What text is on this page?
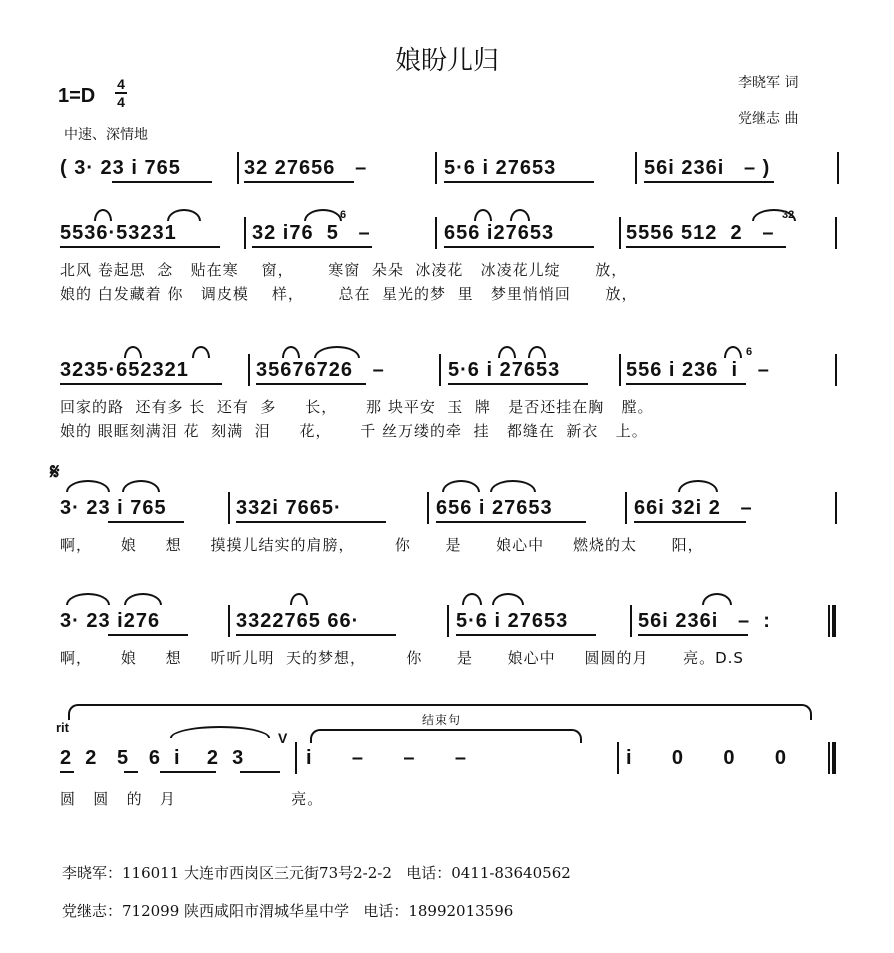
娘盼儿归
1=D
4
4
中速、深情地
李晓军 词
党继志 曲
( 3· 23 i 765	32 27656   –	5·6 i 27653	56i 236i   – )
5536·53231	32 i76  5   –
6
656 i27653	5556 512  2   –
32
北风 卷起思  念   贴在寒    窗，      寒窗  朵朵  冰凌花   冰凌花儿绽      放，
娘的 白发藏着 你   调皮模    样，      总在  星光的梦  里   梦里悄悄回      放，
3235·652321	35676726   –	5·6 i 27653	556 i 236  i   –
6
回家的路  还有多 长  还有  多     长，     那 块平安  玉  牌   是否还挂在胸   膛。
娘的 眼眶刻满泪 花  刻满  泪     花，     千 丝万缕的牵  挂   都缝在  新衣   上。
𝄋
3· 23 i 765	332i 7665·	656 i 27653	66i 32i 2   –
啊，     娘     想     摸摸儿结实的肩膀，       你      是      娘心中     燃烧的太      阳，
3· 23 i276	3322765 66·	5·6 i 27653	56i 236i   –  :
啊，     娘     想     听听儿明  天的梦想，       你      是      娘心中     圆圆的月      亮。D.S
结束句
rit
2  2   5   6  i    2  3
V
i      –      –      –	i      0      0      0
圆   圆   的   月                    亮。
李晓军：116011 大连市西岗区三元街73号2-2-2   电话：0411-83640562
党继志：712099 陕西咸阳市渭城华星中学   电话：18992013596
